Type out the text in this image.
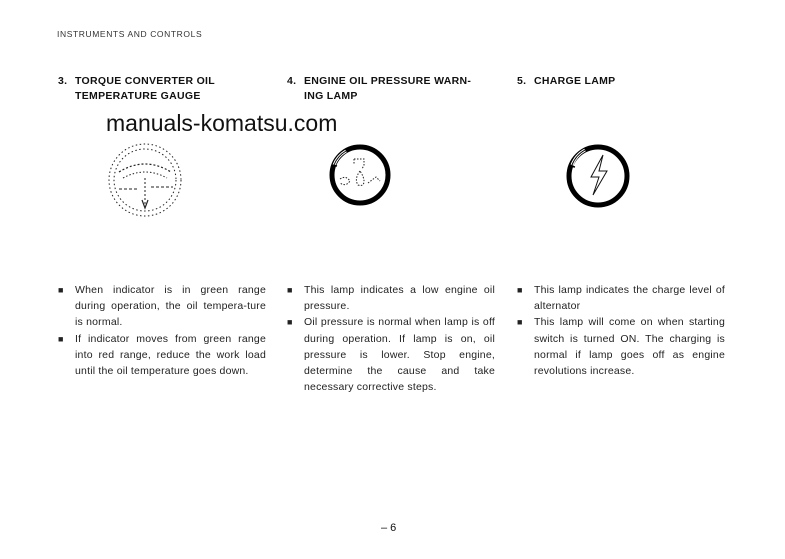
INSTRUMENTS AND CONTROLS
3. TORQUE CONVERTER OIL
TEMPERATURE GAUGE
4. ENGINE OIL PRESSURE WARN-
ING LAMP
5. CHARGE LAMP
manuals-komatsu.com
■	When indicator is in green range during operation, the oil tempera-ture is normal.
■	If indicator moves from green range into red range, reduce the work load until the oil temperature goes down.
■	This lamp indicates a low engine oil pressure.
■	Oil pressure is normal when lamp is off during operation. If lamp is on, oil pressure is lower. Stop engine, determine the cause and take necessary corrective steps.
■	This lamp indicates the charge level of alternator
■	This lamp will come on when starting switch is turned ON. The charging is normal if lamp goes off as engine revolutions increase.
– 6
